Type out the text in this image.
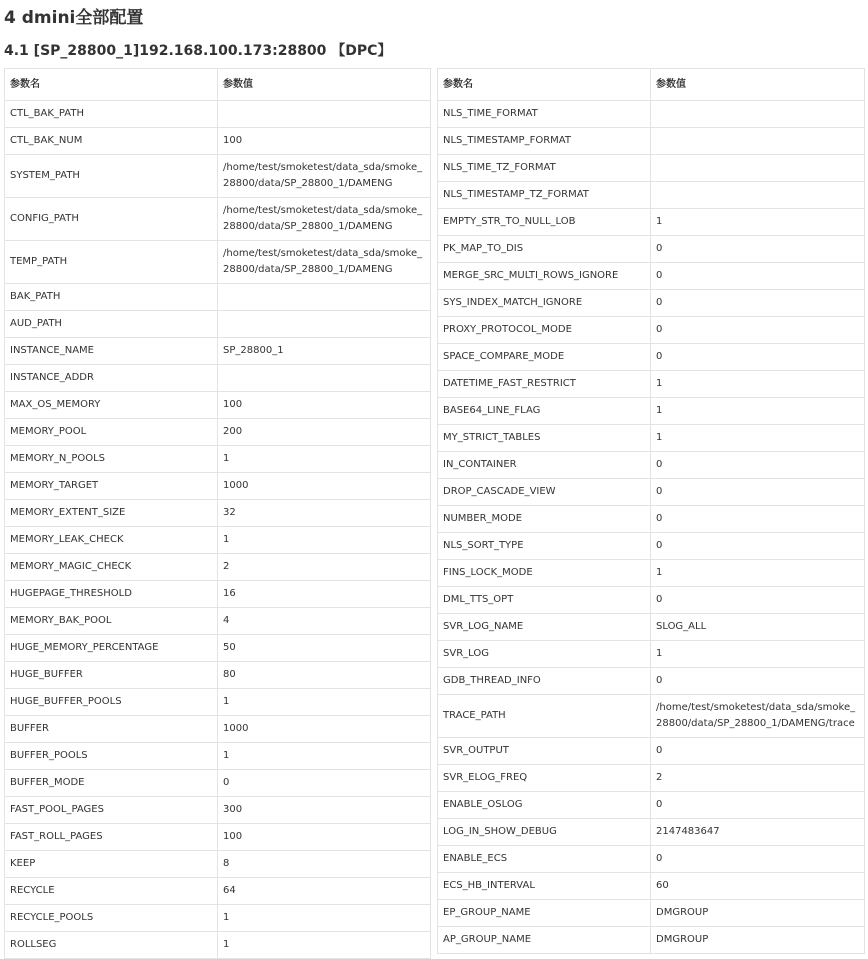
4 dmini全部配置
4.1 [SP_28800_1]192.168.100.173:28800 【DPC】
参数名	参数值
CTL_BAK_PATH	
CTL_BAK_NUM	100
SYSTEM_PATH	/home/test/smoketest/data_sda/smoke_28800/data/SP_28800_1/DAMENG
CONFIG_PATH	/home/test/smoketest/data_sda/smoke_28800/data/SP_28800_1/DAMENG
TEMP_PATH	/home/test/smoketest/data_sda/smoke_28800/data/SP_28800_1/DAMENG
BAK_PATH	
AUD_PATH	
INSTANCE_NAME	SP_28800_1
INSTANCE_ADDR	
MAX_OS_MEMORY	100
MEMORY_POOL	200
MEMORY_N_POOLS	1
MEMORY_TARGET	1000
MEMORY_EXTENT_SIZE	32
MEMORY_LEAK_CHECK	1
MEMORY_MAGIC_CHECK	2
HUGEPAGE_THRESHOLD	16
MEMORY_BAK_POOL	4
HUGE_MEMORY_PERCENTAGE	50
HUGE_BUFFER	80
HUGE_BUFFER_POOLS	1
BUFFER	1000
BUFFER_POOLS	1
BUFFER_MODE	0
FAST_POOL_PAGES	300
FAST_ROLL_PAGES	100
KEEP	8
RECYCLE	64
RECYCLE_POOLS	1
ROLLSEG	1
参数名	参数值
NLS_TIME_FORMAT	
NLS_TIMESTAMP_FORMAT	
NLS_TIME_TZ_FORMAT	
NLS_TIMESTAMP_TZ_FORMAT	
EMPTY_STR_TO_NULL_LOB	1
PK_MAP_TO_DIS	0
MERGE_SRC_MULTI_ROWS_IGNORE	0
SYS_INDEX_MATCH_IGNORE	0
PROXY_PROTOCOL_MODE	0
SPACE_COMPARE_MODE	0
DATETIME_FAST_RESTRICT	1
BASE64_LINE_FLAG	1
MY_STRICT_TABLES	1
IN_CONTAINER	0
DROP_CASCADE_VIEW	0
NUMBER_MODE	0
NLS_SORT_TYPE	0
FINS_LOCK_MODE	1
DML_TTS_OPT	0
SVR_LOG_NAME	SLOG_ALL
SVR_LOG	1
GDB_THREAD_INFO	0
TRACE_PATH	/home/test/smoketest/data_sda/smoke_28800/data/SP_28800_1/DAMENG/trace
SVR_OUTPUT	0
SVR_ELOG_FREQ	2
ENABLE_OSLOG	0
LOG_IN_SHOW_DEBUG	2147483647
ENABLE_ECS	0
ECS_HB_INTERVAL	60
EP_GROUP_NAME	DMGROUP
AP_GROUP_NAME	DMGROUP
